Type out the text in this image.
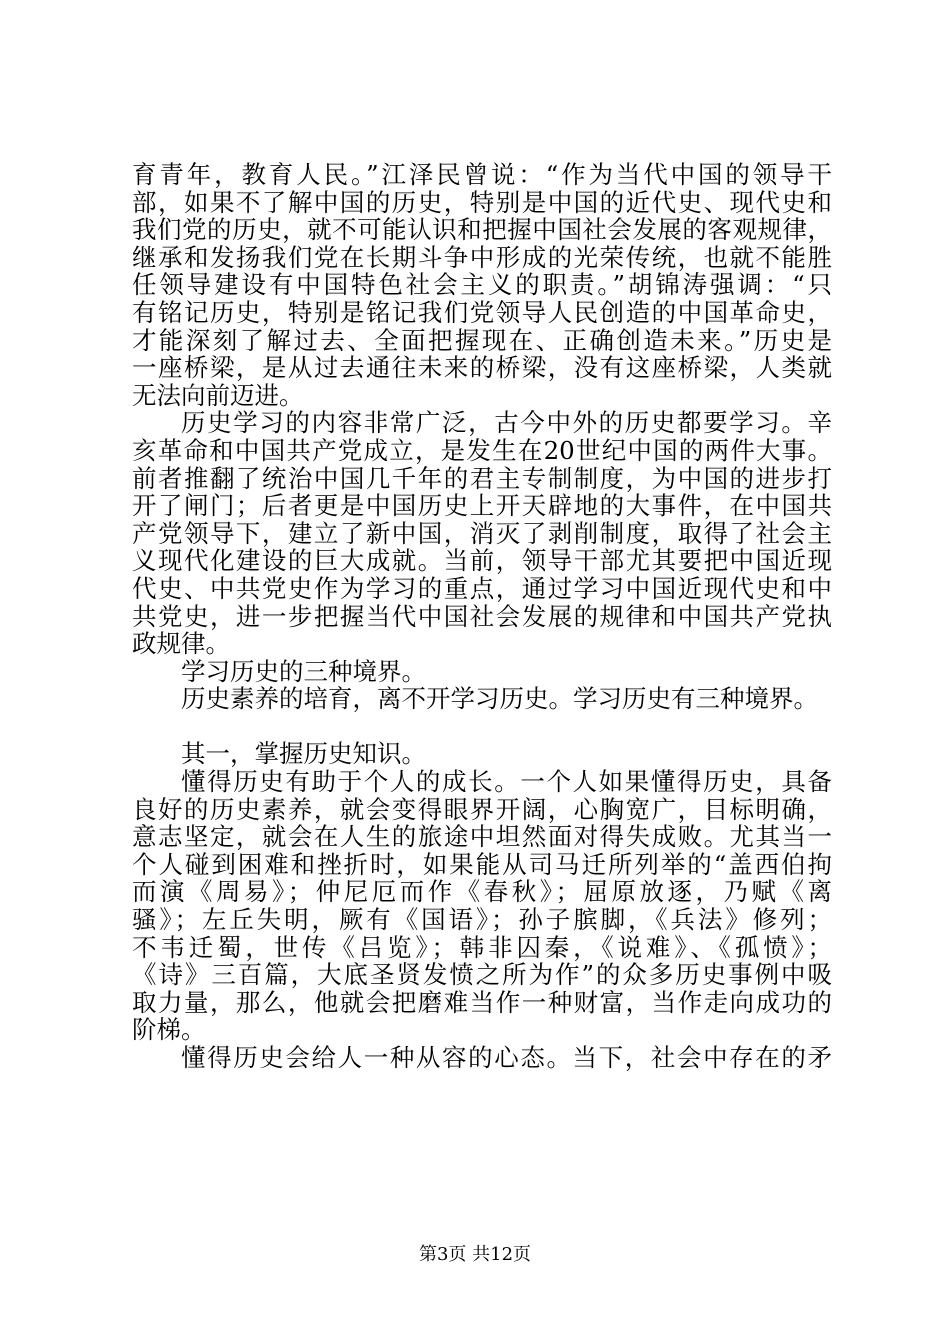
育青年，教育人民。”江泽民曾说：“作为当代中国的领导干
部，如果不了解中国的历史，特别是中国的近代史、现代史和
我们党的历史，就不可能认识和把握中国社会发展的客观规律，
继承和发扬我们党在长期斗争中形成的光荣传统，也就不能胜
任领导建设有中国特色社会主义的职责。”胡锦涛强调：“只
有铭记历史，特别是铭记我们党领导人民创造的中国革命史，
才能深刻了解过去、全面把握现在、正确创造未来。”历史是
一座桥梁，是从过去通往未来的桥梁，没有这座桥梁，人类就
无法向前迈进。
历史学习的内容非常广泛，古今中外的历史都要学习。辛
亥革命和中国共产党成立，是发生在20世纪中国的两件大事。
前者推翻了统治中国几千年的君主专制制度，为中国的进步打
开了闸门；后者更是中国历史上开天辟地的大事件，在中国共
产党领导下，建立了新中国，消灭了剥削制度，取得了社会主
义现代化建设的巨大成就。当前，领导干部尤其要把中国近现
代史、中共党史作为学习的重点，通过学习中国近现代史和中
共党史，进一步把握当代中国社会发展的规律和中国共产党执
政规律。
学习历史的三种境界。
历史素养的培育，离不开学习历史。学习历史有三种境界。
其一，掌握历史知识。
懂得历史有助于个人的成长。一个人如果懂得历史，具备
良好的历史素养，就会变得眼界开阔，心胸宽广，目标明确，
意志坚定，就会在人生的旅途中坦然面对得失成败。尤其当一
个人碰到困难和挫折时，如果能从司马迁所列举的“盖西伯拘
而演《周易》；仲尼厄而作《春秋》；屈原放逐，乃赋《离
骚》；左丘失明，厥有《国语》；孙子膑脚，《兵法》修列；
不韦迁蜀，世传《吕览》；韩非囚秦，《说难》、《孤愤》；
《诗》三百篇，大底圣贤发愤之所为作”的众多历史事例中吸
取力量，那么，他就会把磨难当作一种财富，当作走向成功的
阶梯。
懂得历史会给人一种从容的心态。当下，社会中存在的矛
第3页 共12页
